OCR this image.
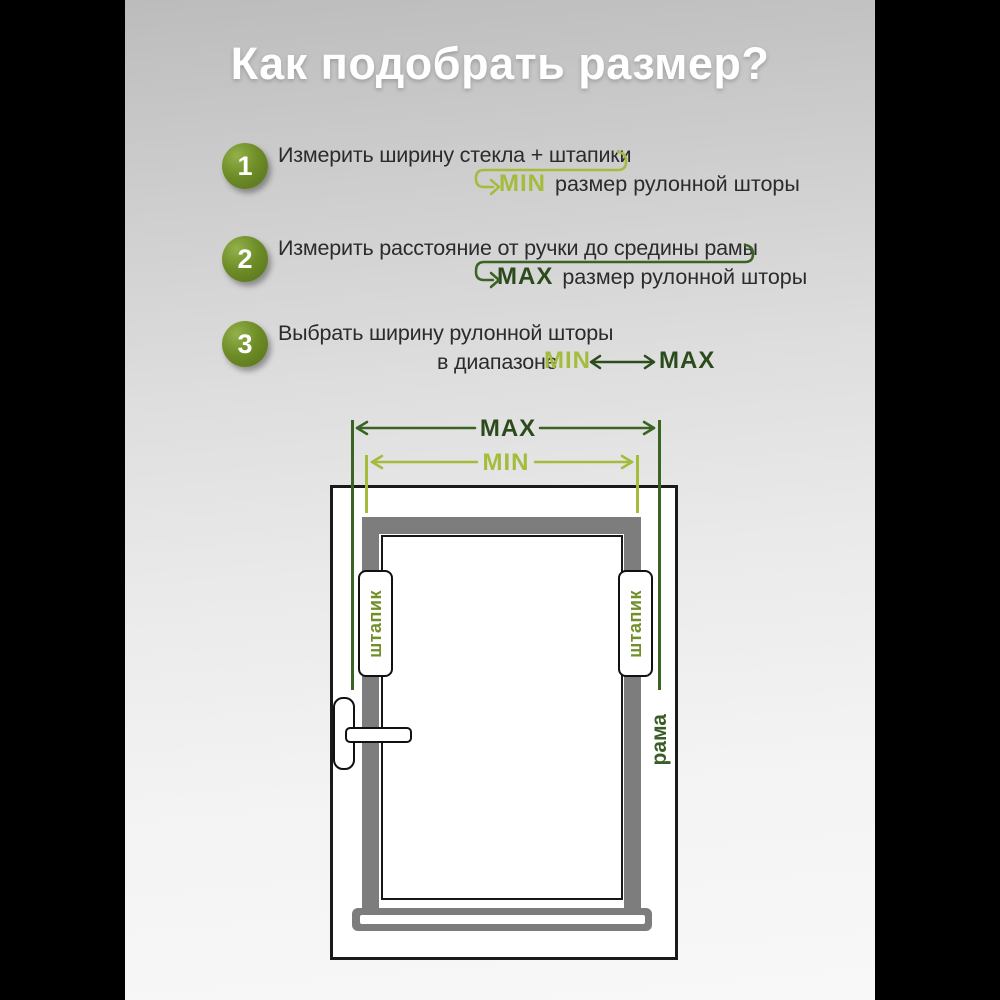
Как подобрать размер?
1 Измерить ширину стекла + штапики
MIN размер рулонной шторы
2 Измерить расстояние от ручки до средины рамы
MAX размер рулонной шторы
3 Выбрать ширину рулонной шторы
в диапазоне
MIN	MAX
MAX
MIN
штапик	штапик
рама
